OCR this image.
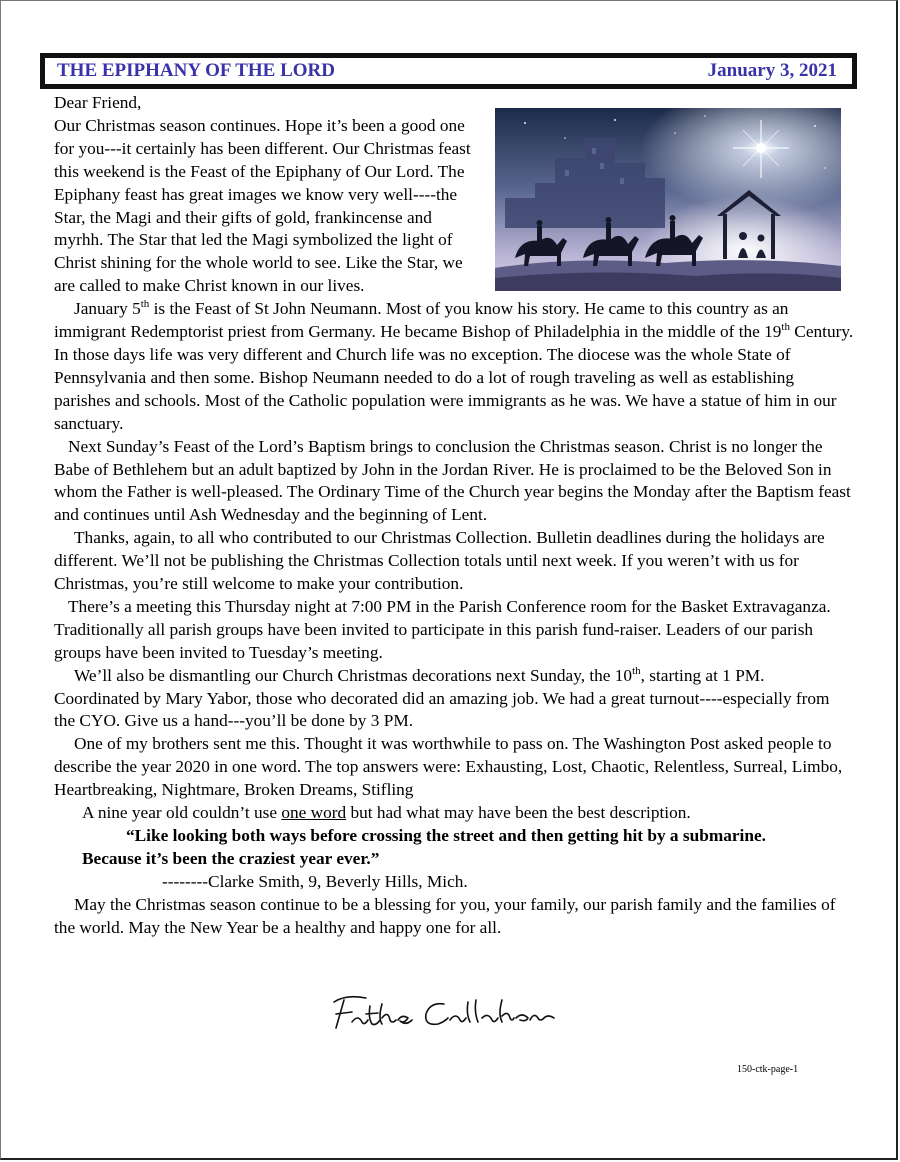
THE EPIPHANY OF THE LORD	January 3, 2021

Dear Friend,

Our Christmas season continues. Hope it’s been a good one for you---it certainly has been different. Our Christmas feast this weekend is the Feast of the Epiphany of Our Lord. The Epiphany feast has great images we know very well----the Star, the Magi and their gifts of gold, frankincense and myrhh. The Star that led the Magi symbolized the light of Christ shining for the whole world to see. Like the Star, we are called to make Christ known in our lives.

January 5th is the Feast of St John Neumann. Most of you know his story. He came to this country as an immigrant Redemptorist priest from Germany. He became Bishop of Philadelphia in the middle of the 19th Century. In those days life was very different and Church life was no exception. The diocese was the whole State of Pennsylvania and then some. Bishop Neumann needed to do a lot of rough traveling as well as establishing parishes and schools. Most of the Catholic population were immigrants as he was. We have a statue of him in our sanctuary.

Next Sunday’s Feast of the Lord’s Baptism brings to conclusion the Christmas season. Christ is no longer the Babe of Bethlehem but an adult baptized by John in the Jordan River. He is proclaimed to be the Beloved Son in whom the Father is well-pleased. The Ordinary Time of the Church year begins the Monday after the Baptism feast and continues until Ash Wednesday and the beginning of Lent.

Thanks, again, to all who contributed to our Christmas Collection. Bulletin deadlines during the holidays are different. We’ll not be publishing the Christmas Collection totals until next week. If you weren’t with us for Christmas, you’re still welcome to make your contribution.

There’s a meeting this Thursday night at 7:00 PM in the Parish Conference room for the Basket Extravaganza. Traditionally all parish groups have been invited to participate in this parish fund-raiser. Leaders of our parish groups have been invited to Tuesday’s meeting.

We’ll also be dismantling our Church Christmas decorations next Sunday, the 10th, starting at 1 PM. Coordinated by Mary Yabor, those who decorated did an amazing job. We had a great turnout----especially from the CYO. Give us a hand---you’ll be done by 3 PM.

One of my brothers sent me this. Thought it was worthwhile to pass on. The Washington Post asked people to describe the year 2020 in one word. The top answers were: Exhausting, Lost, Chaotic, Relentless, Surreal, Limbo, Heartbreaking, Nightmare, Broken Dreams, Stifling

A nine year old couldn’t use one word but had what may have been the best description.

“Like looking both ways before crossing the street and then getting hit by a submarine.

Because it’s been the craziest year ever.”

--------Clarke Smith, 9, Beverly Hills, Mich.

May the Christmas season continue to be a blessing for you, your family, our parish family and the families of the world. May the New Year be a healthy and happy one for all.

150-ctk-page-1
